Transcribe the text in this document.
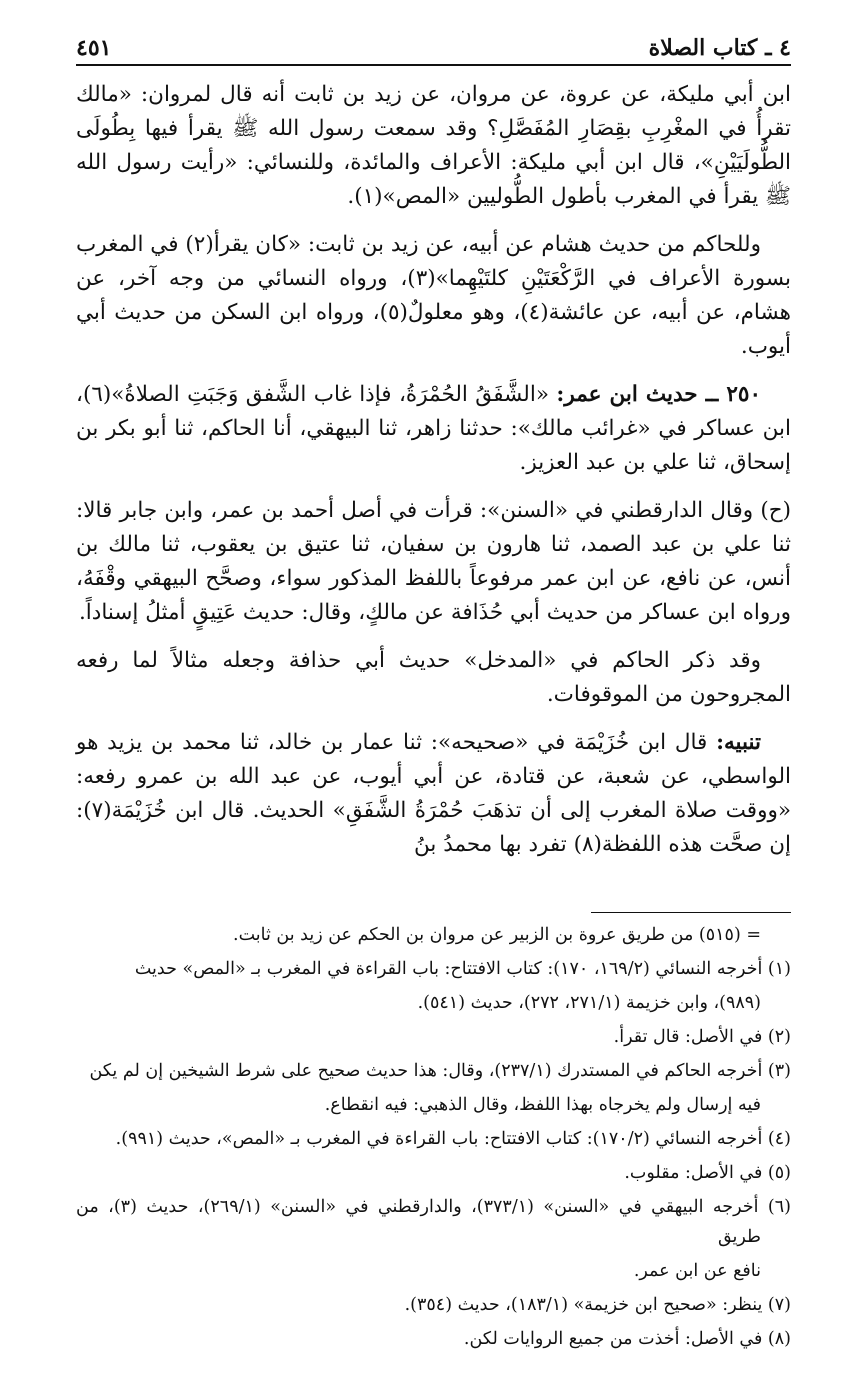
٤ ـ كتاب الصلاة
٤٥١

ابن أبي مليكة، عن عروة، عن مروان، عن زيد بن ثابت أنه قال لمروان: «مالك تقرأُ في المغْرِبِ بقِصَارِ المُفَصَّلِ؟ وقد سمعت رسول الله ﷺ يقرأ فيها بِطُولَى الطُّولَيَيْنِ»، قال ابن أبي مليكة: الأعراف والمائدة، وللنسائي: «رأيت رسول الله ﷺ يقرأ في المغرب بأطول الطُّوليين «المص»(١).

وللحاكم من حديث هشام عن أبيه، عن زيد بن ثابت: «كان يقرأ(٢) في المغرب بسورة الأعراف في الرَّكْعَتَيْنِ كلتَيْهِما»(٣)، ورواه النسائي من وجه آخر، عن هشام، عن أبيه، عن عائشة(٤)، وهو معلولٌ(٥)، ورواه ابن السكن من حديث أبي أيوب.

٢٥٠ ــ حديث ابن عمر: «الشَّفَقُ الحُمْرَةُ، فإذا غاب الشَّفق وَجَبَتِ الصلاةُ»(٦)، ابن عساكر في «غرائب مالك»: حدثنا زاهر، ثنا البيهقي، أنا الحاكم، ثنا أبو بكر بن إسحاق، ثنا علي بن عبد العزيز.

(ح) وقال الدارقطني في «السنن»: قرأت في أصل أحمد بن عمر، وابن جابر قالا: ثنا علي بن عبد الصمد، ثنا هارون بن سفيان، ثنا عتيق بن يعقوب، ثنا مالك بن أنس، عن نافع، عن ابن عمر مرفوعاً باللفظ المذكور سواء، وصحَّح البيهقي وقْفَهُ، ورواه ابن عساكر من حديث أبي حُذَافة عن مالكٍ، وقال: حديث عَتِيقٍ أمثلُ إسناداً.

وقد ذكر الحاكم في «المدخل» حديث أبي حذافة وجعله مثالاً لما رفعه المجروحون من الموقوفات.

تنبيه: قال ابن خُزَيْمَة في «صحيحه»: ثنا عمار بن خالد، ثنا محمد بن يزيد هو الواسطي، عن شعبة، عن قتادة، عن أبي أيوب، عن عبد الله بن عمرو رفعه: «ووقت صلاة المغرب إلى أن تذهَبَ حُمْرَةُ الشَّفَقِ» الحديث. قال ابن خُزَيْمَة(٧): إن صحَّت هذه اللفظة(٨) تفرد بها محمدُ بنُ

= (٥١٥) من طريق عروة بن الزبير عن مروان بن الحكم عن زيد بن ثابت.
(١) أخرجه النسائي (١٦٩/٢، ١٧٠): كتاب الافتتاح: باب القراءة في المغرب بـ «المص» حديث
(٩٨٩)، وابن خزيمة (٢٧١/١، ٢٧٢)، حديث (٥٤١).
(٢) في الأصل: قال تقرأ.
(٣) أخرجه الحاكم في المستدرك (٢٣٧/١)، وقال: هذا حديث صحيح على شرط الشيخين إن لم يكن
فيه إرسال ولم يخرجاه بهذا اللفظ، وقال الذهبي: فيه انقطاع.
(٤) أخرجه النسائي (١٧٠/٢): كتاب الافتتاح: باب القراءة في المغرب بـ «المص»، حديث (٩٩١).
(٥) في الأصل: مقلوب.
(٦) أخرجه البيهقي في «السنن» (٣٧٣/١)، والدارقطني في «السنن» (٢٦٩/١)، حديث (٣)، من طريق
نافع عن ابن عمر.
(٧) ينظر: «صحيح ابن خزيمة» (١٨٣/١)، حديث (٣٥٤).
(٨) في الأصل: أخذت من جميع الروايات لكن.
